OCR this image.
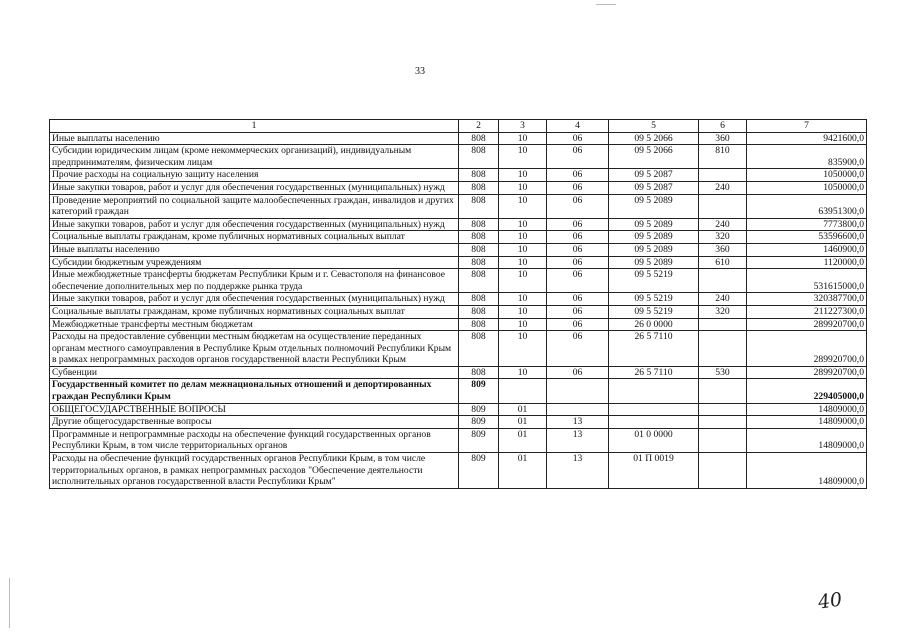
33
1	2	3	4	5	6	7
Иные выплаты населению	808	10	06	09 5 2066	360	9421600,0
Субсидии юридическим лицам (кроме некоммерческих организаций), индивидуальным предпринимателям, физическим лицам	808	10	06	09 5 2066	810	835900,0
Прочие расходы на социальную защиту населения	808	10	06	09 5 2087		1050000,0
Иные закупки товаров, работ и услуг для обеспечения государственных (муниципальных) нужд	808	10	06	09 5 2087	240	1050000,0
Проведение мероприятий по социальной защите малообеспеченных граждан, инвалидов и других категорий граждан	808	10	06	09 5 2089		63951300,0
Иные закупки товаров, работ и услуг для обеспечения государственных (муниципальных) нужд	808	10	06	09 5 2089	240	7773800,0
Социальные выплаты гражданам, кроме публичных нормативных социальных выплат	808	10	06	09 5 2089	320	53596600,0
Иные выплаты населению	808	10	06	09 5 2089	360	1460900,0
Субсидии бюджетным учреждениям	808	10	06	09 5 2089	610	1120000,0
Иные межбюджетные трансферты бюджетам Республики Крым и г. Севастополя на финансовое обеспечение дополнительных мер по поддержке рынка труда	808	10	06	09 5 5219		531615000,0
Иные закупки товаров, работ и услуг для обеспечения государственных (муниципальных) нужд	808	10	06	09 5 5219	240	320387700,0
Социальные выплаты гражданам, кроме публичных нормативных социальных выплат	808	10	06	09 5 5219	320	211227300,0
Межбюджетные трансферты местным бюджетам	808	10	06	26 0 0000		289920700,0
Расходы на предоставление субвенции местным бюджетам на осуществление переданных органам местного самоуправления в Республике Крым отдельных полномочий Республики Крым в рамках непрограммных расходов органов государственной власти Республики Крым	808	10	06	26 5 7110		289920700,0
Субвенции	808	10	06	26 5 7110	530	289920700,0
Государственный комитет по делам межнациональных отношений и депортированных граждан Республики Крым	809					229405000,0
ОБЩЕГОСУДАРСТВЕННЫЕ ВОПРОСЫ	809	01				14809000,0
Другие общегосударственные вопросы	809	01	13			14809000,0
Программные и непрограммные расходы на обеспечение функций государственных органов Республики Крым, в том числе территориальных органов	809	01	13	01 0 0000		14809000,0
Расходы на обеспечение функций государственных органов Республики Крым, в том числе территориальных органов, в рамках непрограммных расходов "Обеспечение деятельности исполнительных органов государственной власти Республики Крым"	809	01	13	01 П 0019		14809000,0
40
